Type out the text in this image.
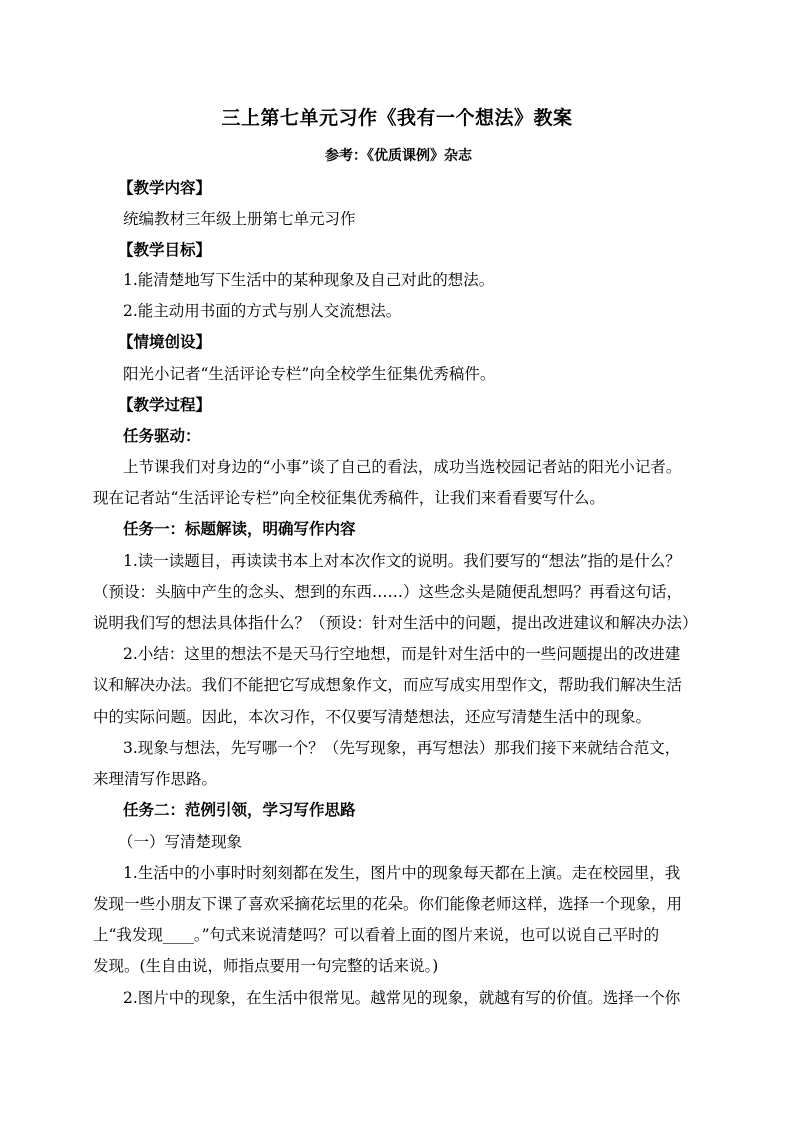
三上第七单元习作《我有一个想法》教案
参考：《优质课例》杂志
【教学内容】
统编教材三年级上册第七单元习作
【教学目标】
1.能清楚地写下生活中的某种现象及自己对此的想法。
2.能主动用书面的方式与别人交流想法。
【情境创设】
阳光小记者“生活评论专栏”向全校学生征集优秀稿件。
【教学过程】
任务驱动：
上节课我们对身边的“小事”谈了自己的看法，成功当选校园记者站的阳光小记者。
现在记者站“生活评论专栏”向全校征集优秀稿件，让我们来看看要写什么。
任务一：标题解读，明确写作内容
1.读一读题目，再读读书本上对本次作文的说明。我们要写的“想法”指的是什么？
（预设：头脑中产生的念头、想到的东西……）这些念头是随便乱想吗？再看这句话，
说明我们写的想法具体指什么？（预设：针对生活中的问题，提出改进建议和解决办法）
2.小结：这里的想法不是天马行空地想，而是针对生活中的一些问题提出的改进建
议和解决办法。我们不能把它写成想象作文，而应写成实用型作文，帮助我们解决生活
中的实际问题。因此，本次习作，不仅要写清楚想法，还应写清楚生活中的现象。
3.现象与想法，先写哪一个？（先写现象，再写想法）那我们接下来就结合范文，
来理清写作思路。
任务二：范例引领，学习写作思路
（一）写清楚现象
1.生活中的小事时时刻刻都在发生，图片中的现象每天都在上演。走在校园里，我
发现一些小朋友下课了喜欢采摘花坛里的花朵。你们能像老师这样，选择一个现象，用
上“我发现____。”句式来说清楚吗？可以看着上面的图片来说，也可以说自己平时的
发现。(生自由说，师指点要用一句完整的话来说。)
2.图片中的现象，在生活中很常见。越常见的现象，就越有写的价值。选择一个你
